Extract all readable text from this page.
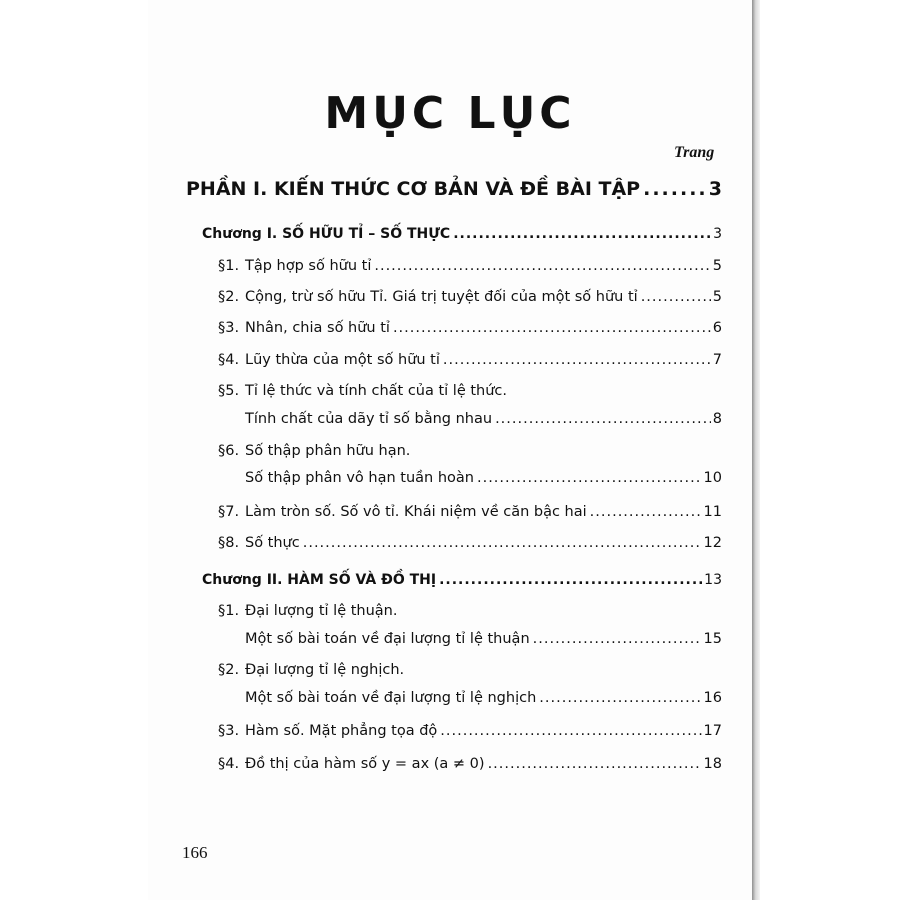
MỤC LỤC
Trang
PHẦN I. KIẾN THỨC CƠ BẢN VÀ ĐỀ BÀI TẬP .....	3
Chương I. SỐ HỮU TỈ – SỐ THỰC .....	3
§1. Tập hợp số hữu tỉ .....	5
§2. Cộng, trừ số hữu Tỉ. Giá trị tuyệt đối của một số hữu tỉ .....	5
§3. Nhân, chia số hữu tỉ .....	6
§4. Lũy thừa của một số hữu tỉ .....	7
§5. Tỉ lệ thức và tính chất của tỉ lệ thức.
Tính chất của dãy tỉ số bằng nhau .....	8
§6. Số thập phân hữu hạn.
Số thập phân vô hạn tuần hoàn .....	10
§7. Làm tròn số. Số vô tỉ. Khái niệm về căn bậc hai .....	11
§8. Số thực .....	12
Chương II. HÀM SỐ VÀ ĐỒ THỊ .....	13
§1. Đại lượng tỉ lệ thuận.
Một số bài toán về đại lượng tỉ lệ thuận .....	15
§2. Đại lượng tỉ lệ nghịch.
Một số bài toán về đại lượng tỉ lệ nghịch .....	16
§3. Hàm số. Mặt phẳng tọa độ .....	17
§4. Đồ thị của hàm số y = ax (a ≠ 0) .....	18
166
